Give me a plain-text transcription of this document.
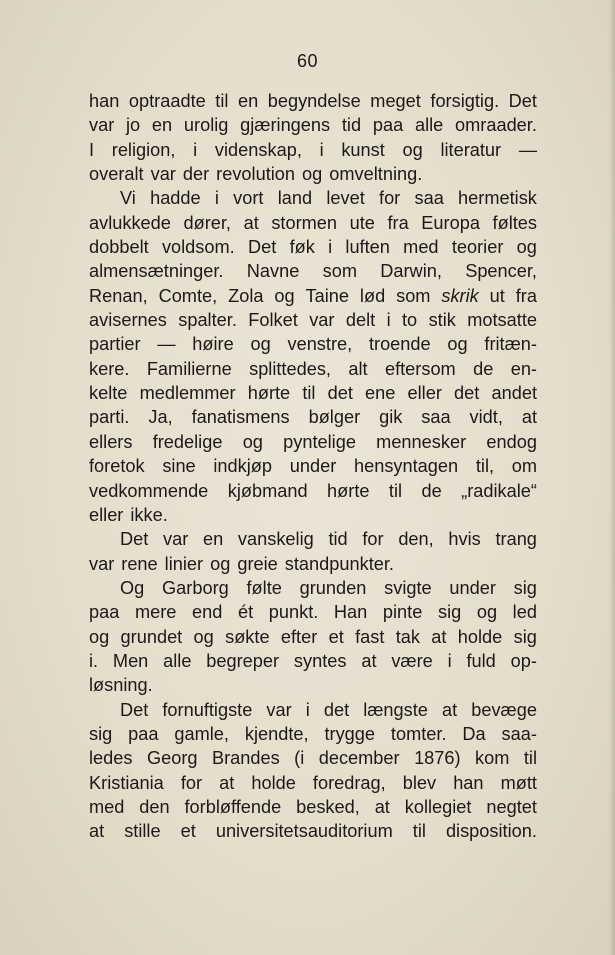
60
han optraadte til en begyndelse meget forsigtig. Det
var jo en urolig gjæringens tid paa alle omraader.
I religion, i videnskap, i kunst og literatur —
overalt var der revolution og omveltning.
Vi hadde i vort land levet for saa hermetisk
avlukkede dører, at stormen ute fra Europa føltes
dobbelt voldsom. Det føk i luften med teorier og
almensætninger. Navne som Darwin, Spencer,
Renan, Comte, Zola og Taine lød som skrik ut fra
avisernes spalter. Folket var delt i to stik motsatte
partier — høire og venstre, troende og fritæn-
kere. Familierne splittedes, alt eftersom de en-
kelte medlemmer hørte til det ene eller det andet
parti. Ja, fanatismens bølger gik saa vidt, at
ellers fredelige og pyntelige mennesker endog
foretok sine indkjøp under hensyntagen til, om
vedkommende kjøbmand hørte til de „radikale“
eller ikke.
Det var en vanskelig tid for den, hvis trang
var rene linier og greie standpunkter.
Og Garborg følte grunden svigte under sig
paa mere end ét punkt. Han pinte sig og led
og grundet og søkte efter et fast tak at holde sig
i. Men alle begreper syntes at være i fuld op-
løsning.
Det fornuftigste var i det længste at bevæge
sig paa gamle, kjendte, trygge tomter. Da saa-
ledes Georg Brandes (i december 1876) kom til
Kristiania for at holde foredrag, blev han møtt
med den forbløffende besked, at kollegiet negtet
at stille et universitetsauditorium til disposition.
